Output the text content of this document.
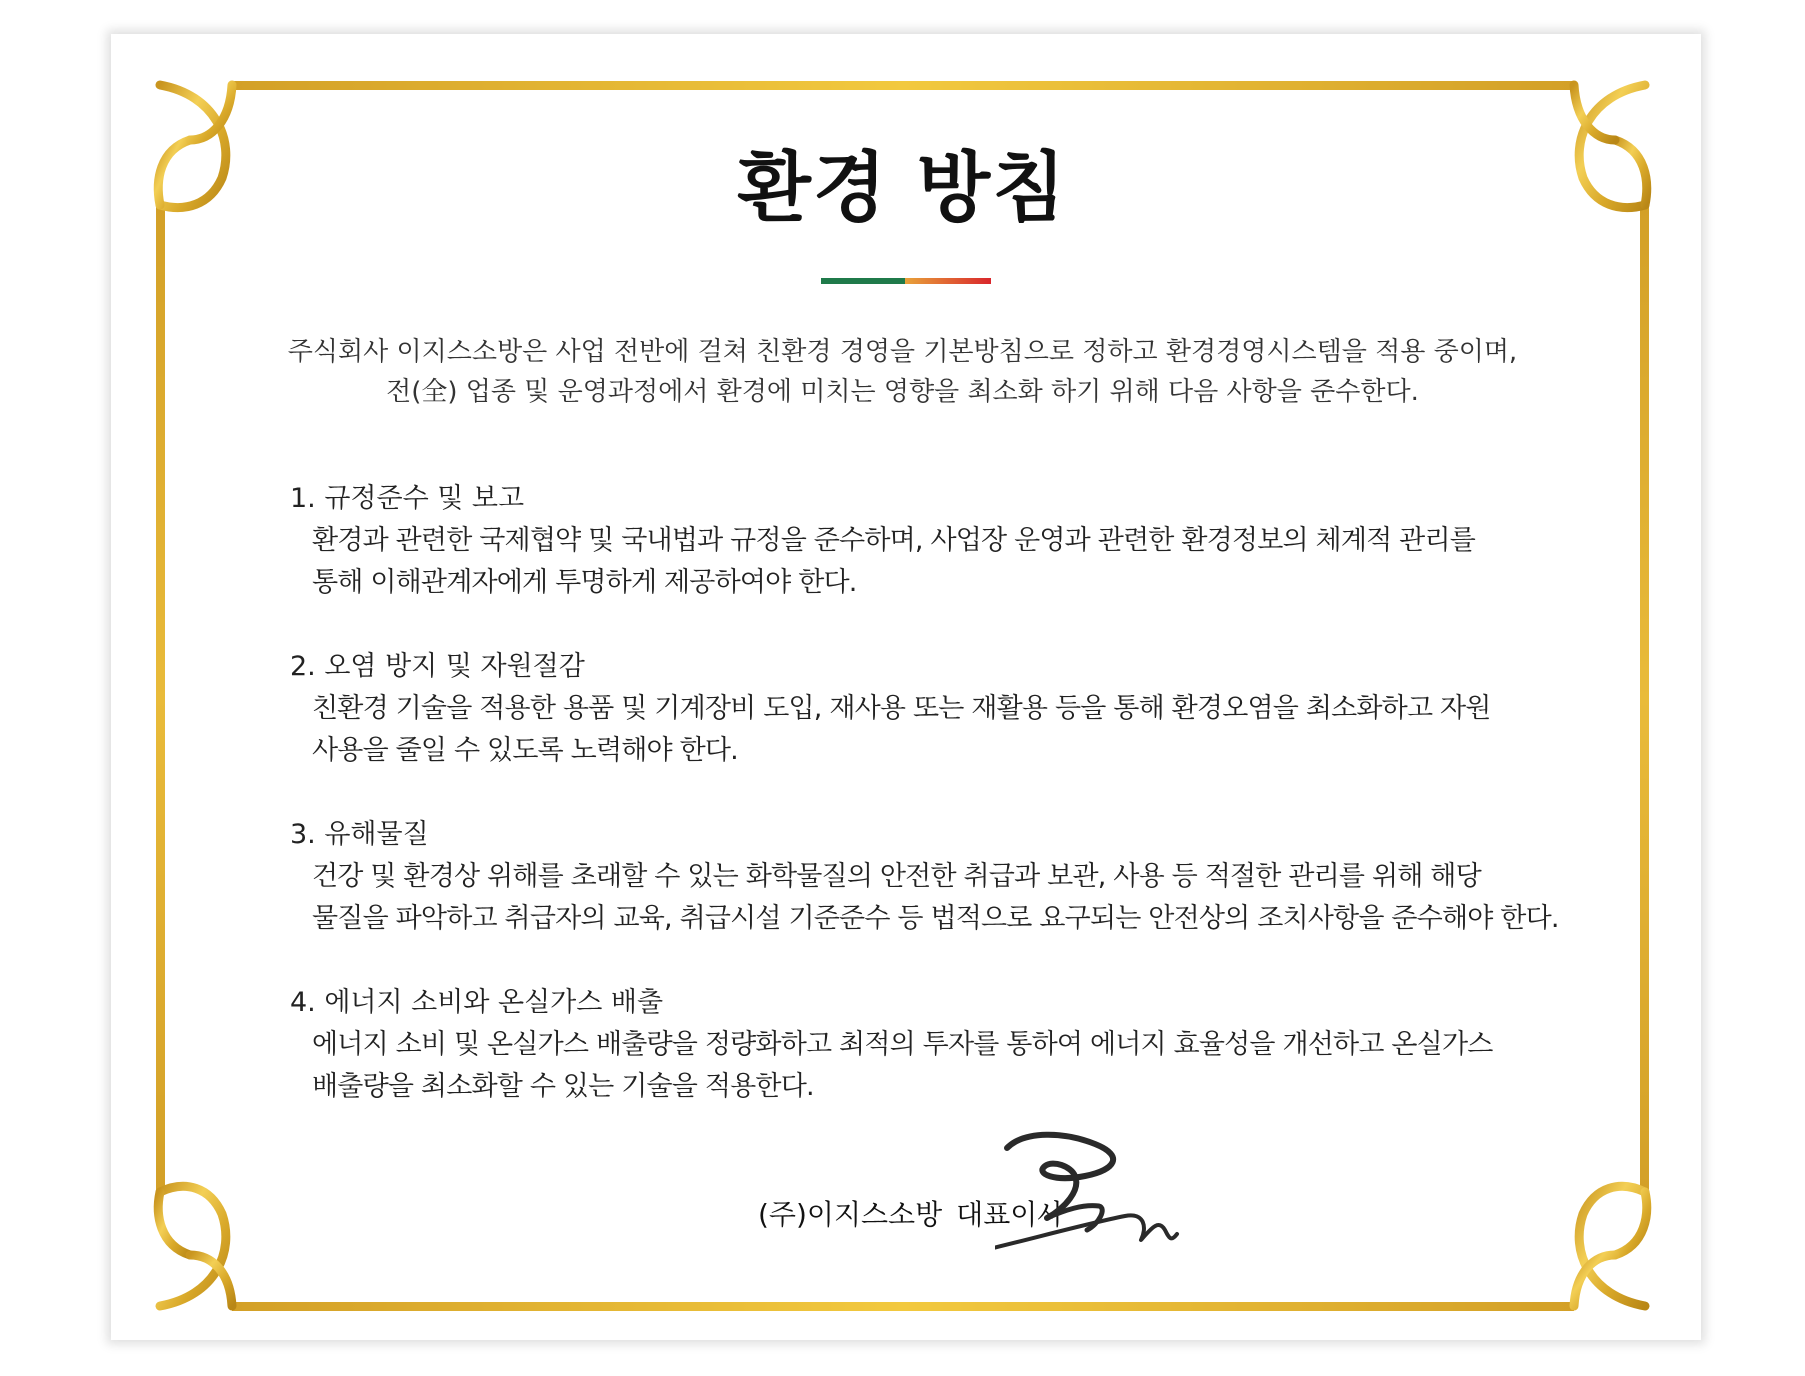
환경 방침

주식회사 이지스소방은 사업 전반에 걸쳐 친환경 경영을 기본방침으로 정하고 환경경영시스템을 적용 중이며,

전(全) 업종 및 운영과정에서 환경에 미치는 영향을 최소화 하기 위해 다음 사항을 준수한다.

1. 규정준수 및 보고

환경과 관련한 국제협약 및 국내법과 규정을 준수하며, 사업장 운영과 관련한 환경정보의 체계적 관리를

통해 이해관계자에게 투명하게 제공하여야 한다.

2. 오염 방지 및 자원절감

친환경 기술을 적용한 용품 및 기계장비 도입, 재사용 또는 재활용 등을 통해 환경오염을 최소화하고 자원

사용을 줄일 수 있도록 노력해야 한다.

3. 유해물질

건강 및 환경상 위해를 초래할 수 있는 화학물질의 안전한 취급과 보관, 사용 등 적절한 관리를 위해 해당

물질을 파악하고 취급자의 교육, 취급시설 기준준수 등 법적으로 요구되는 안전상의 조치사항을 준수해야 한다.

4. 에너지 소비와 온실가스 배출

에너지 소비 및 온실가스 배출량을 정량화하고 최적의 투자를 통하여 에너지 효율성을 개선하고 온실가스

배출량을 최소화할 수 있는 기술을 적용한다.

(주)이지스소방 대표이사
